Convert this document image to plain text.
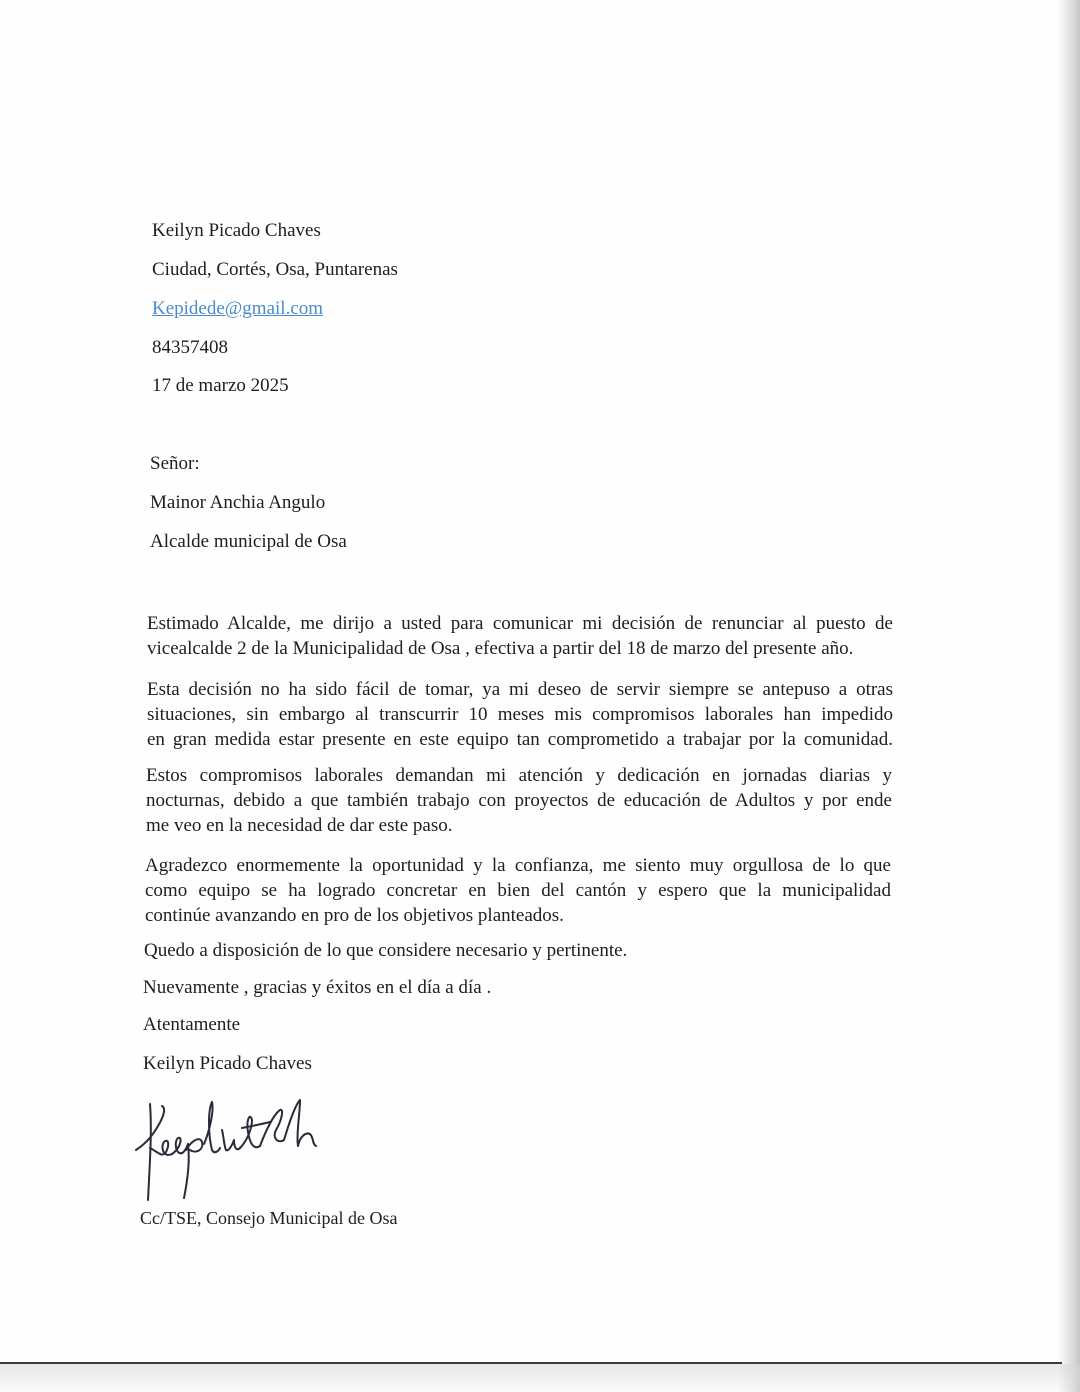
Keilyn Picado Chaves
Ciudad, Cortés, Osa, Puntarenas
Kepidede@gmail.com
84357408
17 de marzo 2025
Señor:
Mainor Anchia Angulo
Alcalde municipal de Osa
Estimado Alcalde, me dirijo a usted para comunicar mi decisión de renunciar al puesto de
vicealcalde 2 de la Municipalidad de Osa , efectiva a partir del 18 de marzo del presente año.
Esta decisión no ha sido fácil de tomar, ya mi deseo de servir siempre se antepuso a otras
situaciones, sin embargo al transcurrir 10 meses mis compromisos laborales han impedido
en gran medida estar presente en este equipo tan comprometido a trabajar por la comunidad.
Estos compromisos laborales demandan mi atención y dedicación en jornadas diarias y
nocturnas, debido a que también trabajo con proyectos de educación de Adultos y por ende
me veo en la necesidad de dar este paso.
Agradezco enormemente la oportunidad y la confianza, me siento muy orgullosa de lo que
como equipo se ha logrado concretar en bien del cantón y espero que la municipalidad
continúe avanzando en pro de los objetivos planteados.
Quedo a disposición de lo que considere necesario y pertinente.
Nuevamente , gracias y éxitos en el día a día .
Atentamente
Keilyn Picado Chaves
Cc/TSE, Consejo Municipal de Osa
